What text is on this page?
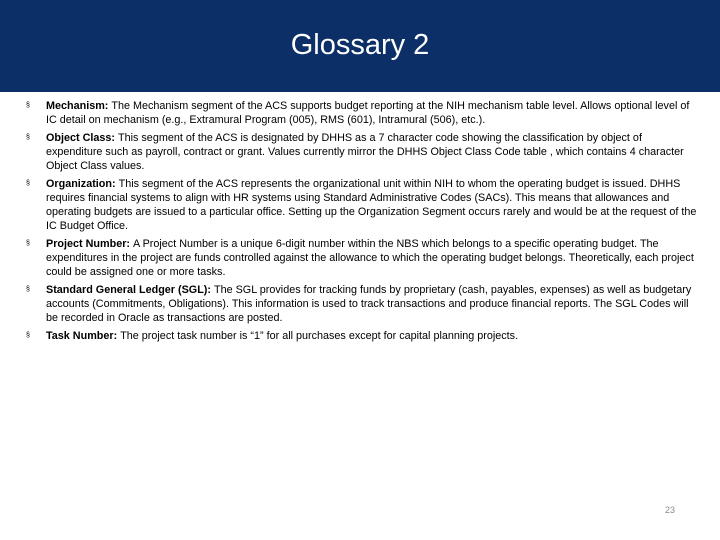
Glossary 2
§ Mechanism: The Mechanism segment of the ACS supports budget reporting at the NIH mechanism table level. Allows optional level of IC detail on mechanism (e.g., Extramural Program (005), RMS (601), Intramural (506), etc.).
§ Object Class: This segment of the ACS is designated by DHHS as a 7 character code showing the classification by object of expenditure such as payroll, contract or grant. Values currently mirror the DHHS Object Class Code table , which contains 4 character Object Class values.
§ Organization: This segment of the ACS represents the organizational unit within NIH to whom the operating budget is issued. DHHS requires financial systems to align with HR systems using Standard Administrative Codes (SACs). This means that allowances and operating budgets are issued to a particular office. Setting up the Organization Segment occurs rarely and would be at the request of the IC Budget Office.
§ Project Number: A Project Number is a unique 6-digit number within the NBS which belongs to a specific operating budget. The expenditures in the project are funds controlled against the allowance to which the operating budget belongs. Theoretically, each project could be assigned one or more tasks.
§ Standard General Ledger (SGL): The SGL provides for tracking funds by proprietary (cash, payables, expenses) as well as budgetary accounts (Commitments, Obligations). This information is used to track transactions and produce financial reports. The SGL Codes will be recorded in Oracle as transactions are posted.
§ Task Number: The project task number is “1” for all purchases except for capital planning projects.
23
